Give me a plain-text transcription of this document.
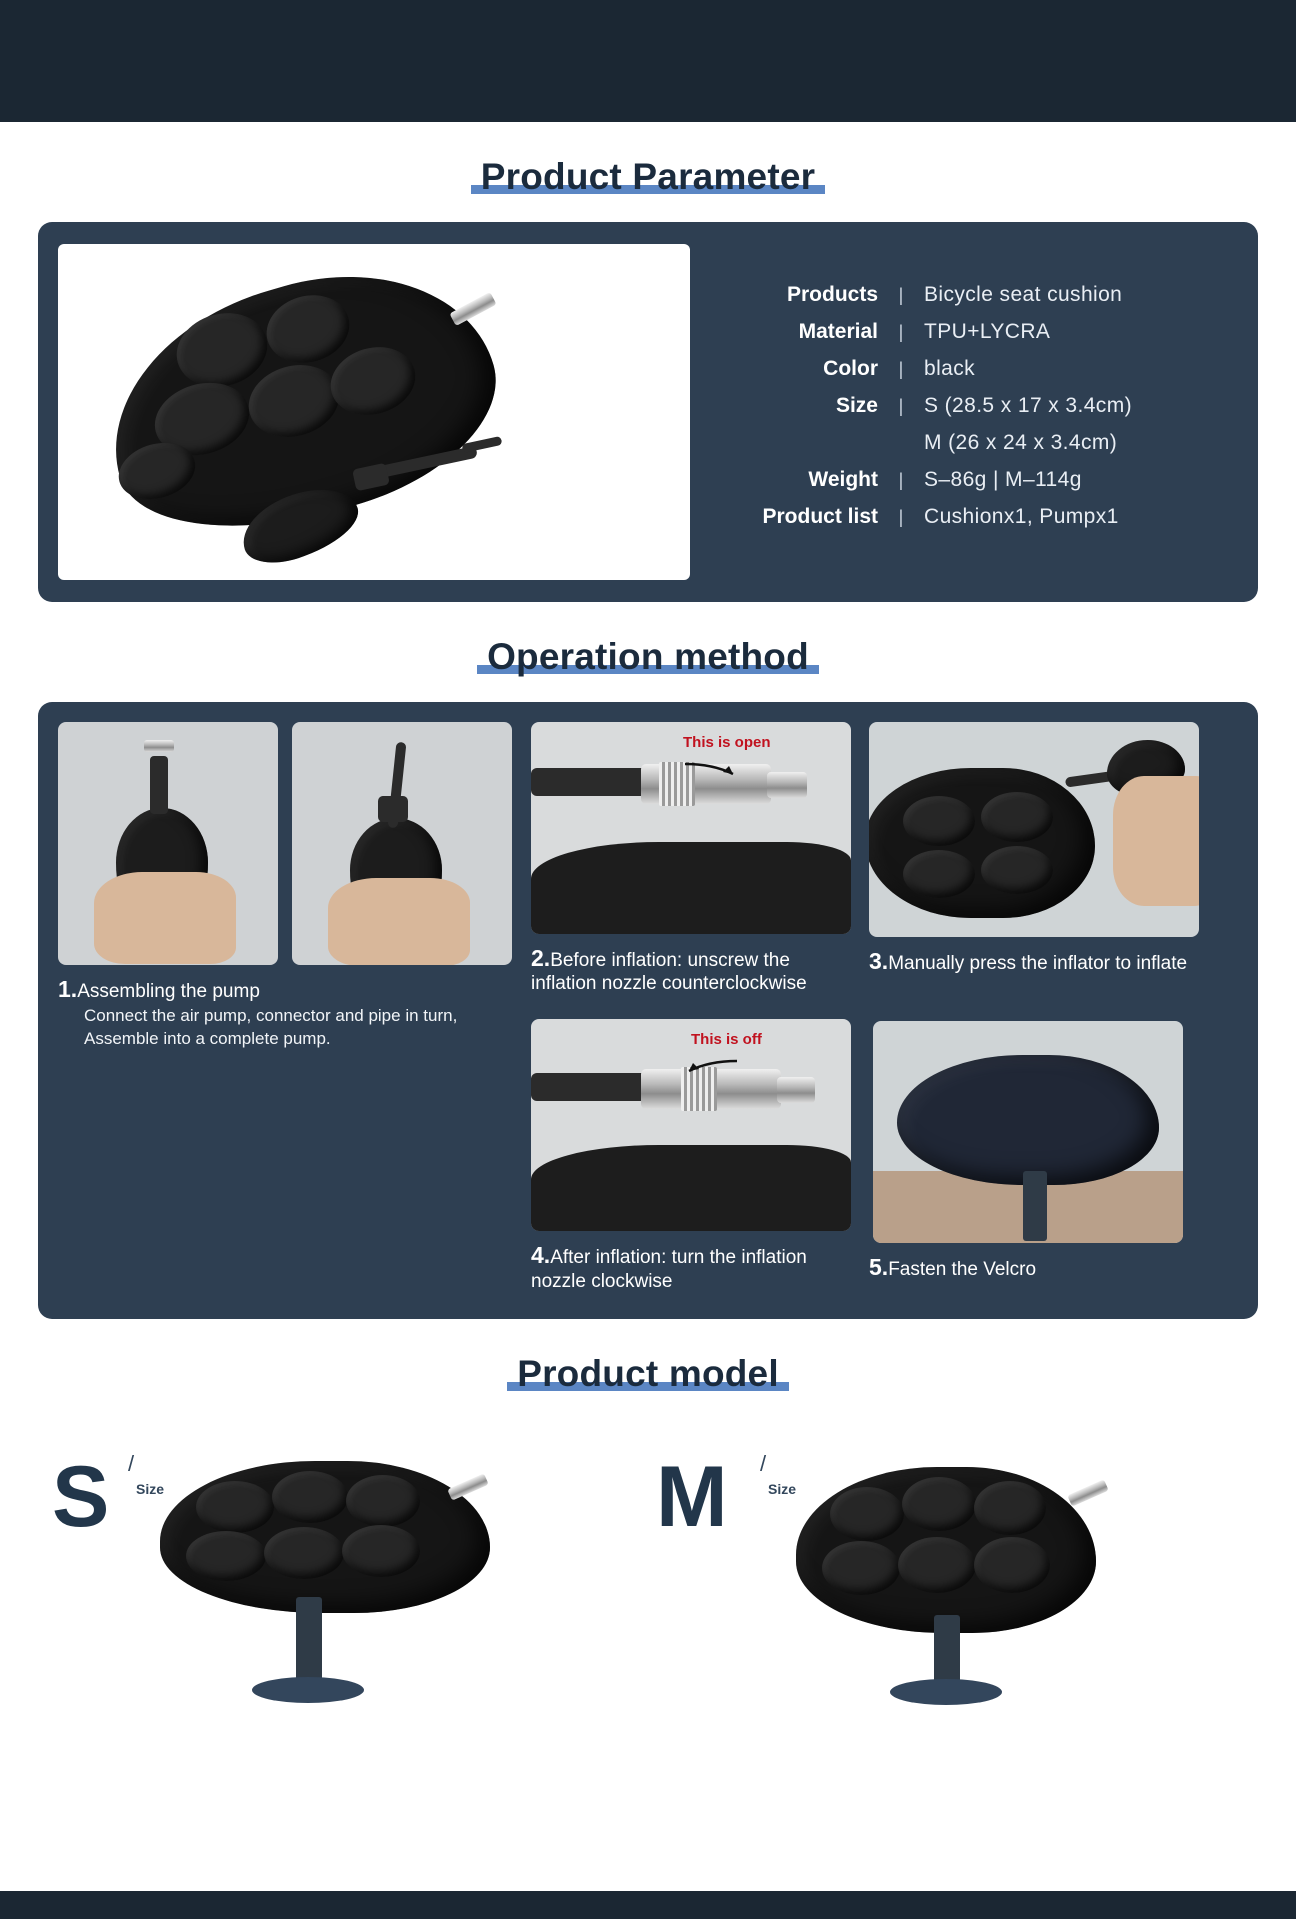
Product Parameter
Products	| Bicycle seat cushion
Material	| TPU+LYCRA
Color	| black
Size	| S (28.5 x 17 x 3.4cm)
M (26 x 24 x 3.4cm)
Weight	| S–86g | M–114g
Product list	| Cushionx1, Pumpx1
Operation method
1.Assembling the pump
Connect the air pump, connector and pipe in turn, Assemble into a complete pump.
This is open
2.Before inflation: unscrew the inflation nozzle counterclockwise
This is off
4.After inflation: turn the inflation nozzle clockwise
3.Manually press the inflator to inflate
5.Fasten the Velcro
Product model
S /
Size	M /
Size
